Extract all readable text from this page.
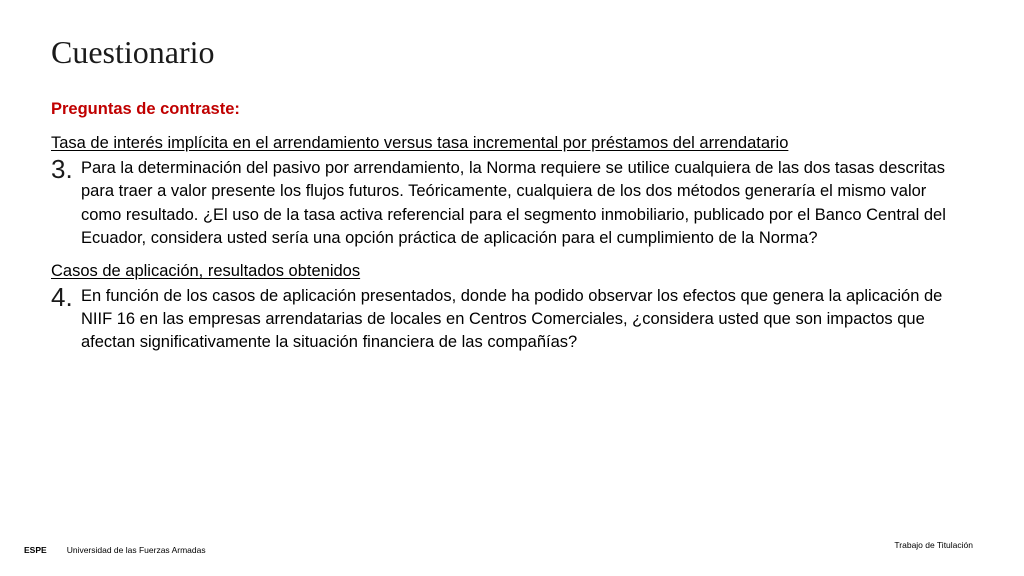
Cuestionario
Preguntas de contraste:
Tasa de interés implícita en el arrendamiento versus tasa incremental por préstamos del arrendatario
3. Para la determinación del pasivo por arrendamiento, la Norma requiere se utilice cualquiera de las dos tasas descritas para traer a valor presente los flujos futuros. Teóricamente, cualquiera de los dos métodos generaría el mismo valor como resultado. ¿El uso de la tasa activa referencial para el segmento inmobiliario, publicado por el Banco Central del Ecuador, considera usted sería una opción práctica de aplicación para el cumplimiento de la Norma?
Casos de aplicación, resultados obtenidos
4. En función de los casos de aplicación presentados, donde ha podido observar los efectos que genera la aplicación de NIIF 16 en las empresas arrendatarias de locales en Centros Comerciales, ¿considera usted que son impactos que afectan significativamente la situación financiera de las compañías?
ESPE Universidad de las Fuerzas Armadas	Trabajo de Titulación
